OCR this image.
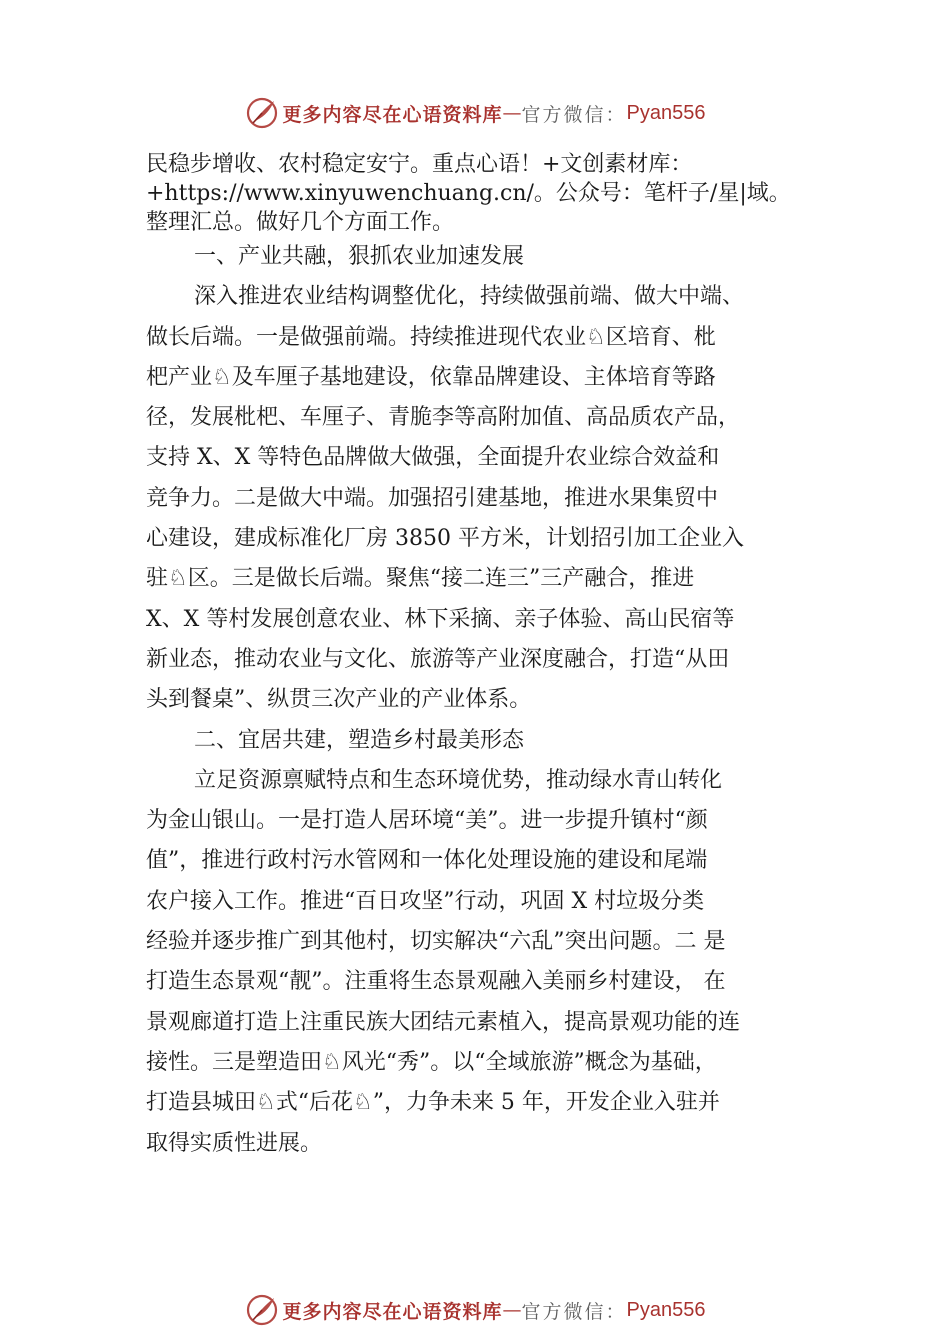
更多内容尽在心语资料库 — 官方微信： Pyan556
民稳步增收、农村稳定安宁。重点心语！+文创素材库：
+https://www.xinyuwenchuang.cn/。公众号：笔杆子/星|域。
整理汇总。做好几个方面工作。
一、产业共融，狠抓农业加速发展
深入推进农业结构调整优化，持续做强前端、做大中端、
做长后端。一是做强前端。持续推进现代农业♘区培育、枇
杷产业♘及车厘子基地建设，依靠品牌建设、主体培育等路
径，发展枇杷、车厘子、青脆李等高附加值、高品质农产品，
支持 X、X 等特色品牌做大做强，全面提升农业综合效益和
竞争力。二是做大中端。加强招引建基地，推进水果集贸中
心建设，建成标准化厂房 3850 平方米，计划招引加工企业入
驻♘区。三是做长后端。聚焦“接二连三”三产融合，推进
X、X 等村发展创意农业、林下采摘、亲子体验、高山民宿等
新业态，推动农业与文化、旅游等产业深度融合，打造“从田
头到餐桌”、纵贯三次产业的产业体系。
二、宜居共建，塑造乡村最美形态
立足资源禀赋特点和生态环境优势，推动绿水青山转化
为金山银山。一是打造人居环境“美”。进一步提升镇村“颜
值”，推进行政村污水管网和一体化处理设施的建设和尾端
农户接入工作。推进“百日攻坚”行动，巩固 X 村垃圾分类
经验并逐步推广到其他村，切实解决“六乱”突出问题。二 是
打造生态景观“靓”。注重将生态景观融入美丽乡村建设， 在
景观廊道打造上注重民族大团结元素植入，提高景观功能的连
接性。三是塑造田♘风光“秀”。以“全域旅游”概念为基础，
打造县城田♘式“后花♘”，力争未来 5 年，开发企业入驻并
取得实质性进展。
更多内容尽在心语资料库 — 官方微信： Pyan556
